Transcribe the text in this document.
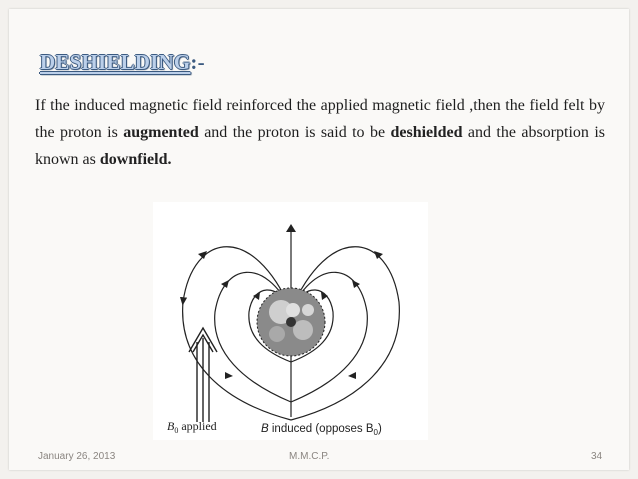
DESHIELDING:-

If the induced magnetic field reinforced the applied magnetic field ,then the field felt by the proton is augmented and the proton is said to be deshielded and the absorption is known as downfield.

$B_0$ applied	B induced (opposes $B_0$)
January 26, 2013	M.M.C.P.	34
